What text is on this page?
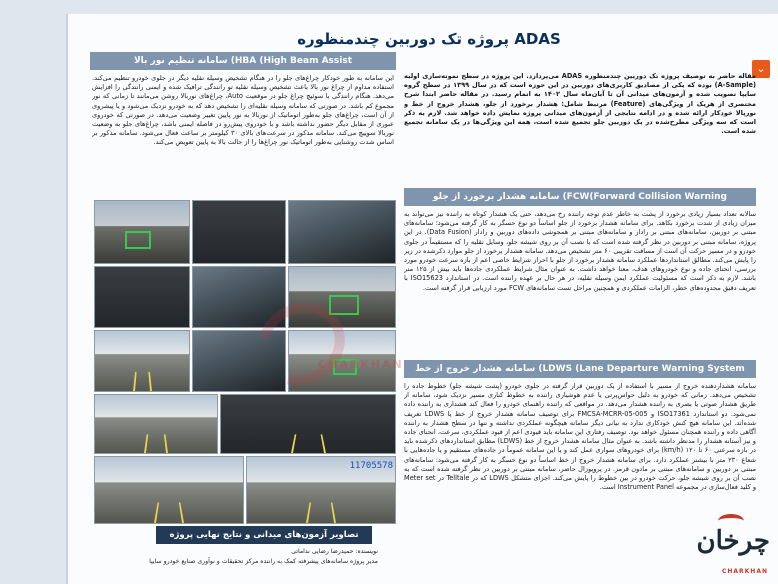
پروژه تک دوربین چندمنظوره ADAS
⌄
مقاله حاضر به توصیف پروژه تک دوربین چندمنظوره ADAS می‌پردازد. این پروژه در سطح نمونه‌سازی اولیه (A-Sample) بوده که یکی از مصادیق کاربری‌های دوربین در این حوزه است که در سال ۱۳۹۹ در سطح گروه سایپا تصویب شده و آزمون‌های میدانی آن تا آبان‌ماه سال ۱۴۰۲ به اتمام رسید. در مقاله حاضر ابتدا شرح مختصری از هریک از ویژگی‌های (Feature) مرتبط شامل: هشدار برخورد از جلو، هشدار خروج از خط و نورپالا خودکار ارائه شده و در ادامه نتایجی از آزمون‌های میدانی پروژه نمایش داده خواهد شد. لازم به ذکر است که سه ویژگی مطرح‌شده در یک دوربین جلو تجمیع شده است، همه این ویژگی‌ها در یک سامانه تجمیع شده است.
سامانه تنظیم نور بالا (HBA (High Beam Assist
این سامانه به طور خودکار چراغ‌های جلو را در هنگام تشخیص وسیله نقلیه دیگر در جلوی خودرو تنظیم می‌کند. استفاده مداوم از چراغ نور بالا باعث تشخیص وسیله نقلیه تو رانندگی ترافیک شده و ایمنی رانندگی را افزایش می‌دهد. هنگام رانندگی با سوئیچ چراغ جلو در موقعیت Auto، چراغ‌های نوربالا روشن می‌مانند تا زمانی که نور مجموع کم باشد. در صورتی که سامانه وسیله نقلیه‌ای را تشخیص دهد که به خودرو نزدیک می‌شود و یا پیشروی از آن است، چراغ‌های جلو به‌طور اتوماتیک از نوربالا به نور پایین تغییر وضعیت می‌دهد. در صورتی که خودروی عبوری از مقابل دیگر حضور نداشته باشد و یا خودروی پیش‌رو در فاصله ایمنی باشد، چراغ‌های جلو به وضعیت نوربالا سوییچ می‌کند. سامانه مذکور در سرعت‌های بالای ۳۰ کیلومتر بر ساعت فعال می‌شود. سامانه مذکور بر اساس شدت روشنایی به‌طور اتوماتیک نور چراغ‌ها را از حالت بالا به پایین تعویض می‌کند.
سامانه هشدار برخورد از جلو (FCW(Forward Collision Warning
سالانه تعداد بسیار زیادی برخورد از پشت به خاطر عدم توجه راننده رخ می‌دهد، حتی یک هشدار کوتاه به راننده نیز می‌تواند به میزان زیادی از شدت برخورد بکاهد. برای سامانه هشدار برخورد از جلو اساساً دو نوع حسگر به کار گرفته می‌شود؛ سامانه‌های مبتنی بر دوربین، سامانه‌های مبتنی بر رادار و سامانه‌های مبتنی بر همجوشی داده‌های دوربین و رادار (Data Fusion). در این پروژه، سامانه مبتنی بر دوربین در نظر گرفته شده است که با نصب آن بر روی شیشه جلو، وسایل نقلیه را که مستقیماً در جلوی خودرو و در مسیر حرکت آن است از مسافت تقریبی ۶۰ متر تشخیص می‌دهد. سامانه هشدار برخورد از جلو موارد ذکرشده در زیر را پایش می‌کند. مطالق استانداردها عملکرد سامانه هشدار برخورد از جلو با احراز شرایط خاصی اعم از بازه سرعت خودرو مورد بررسی، انحنای جاده و نوع خودروهای هدف، معنا خواهد داشت. به عنوان مثال شرایط عملکردی جاده‌ها باید بیش از ۱۲۵ متر باشد. لازم به ذکر است که مسئولیت عملکرد ایمن وسیله نقلیه، در هر حال بر عهده راننده است. در استاندارد ISO15623 با تعریف دقیق محدوده‌های خطر، الزامات عملکردی و همچنین مراحل تست سامانه‌های FCW مورد ارزیابی قرار گرفته است.
سامانه هشدار خروج از خط (LDWS (Lane Departure Warning System
سامانه هشداردهنده خروج از مسیر با استفاده از یک دوربین قرار گرفته در جلوی خودرو (پشت شیشه جلو) خطوط جاده را تشخیص می‌دهد. زمانی که خودرو به دلیل حواس‌پرتی یا عدم هوشیاری راننده به خطوط کناری مسیر نزدیک شود، سامانه از طریق هشدار صوتی یا بصری به راننده هشدار می‌دهد. در مواقعی که راننده راهنمای خودرو را فعال کند هشداری به راننده داده نمی‌شود. دو استاندارد ISO17361 و FMCSA-MCRR-05-005 برای توصیف سامانه هشدار خروج از خط یا LDWS تعریف شده‌اند. این سامانه هیچ کنش خودکاری ندارد به بیانی دیگر سامانه هیچگونه عملکردی نداشته و تنها در سطح هشدار به راننده آگاهی داده و راننده همچنان مسئول خواهد بود. توصیف رفتاری این سامانه باید قیودی اعم از قیود عملکردی، سرعت، انحنای جاده و نیز آستانه هشدار را مدنظر داشته باشد. به عنوان مثال سامانه هشدار خروج از خط (LDWS) مطابق استانداردهای ذکرشده باید در بازه سرعتی ۶۰ تا ۱۲۰ (km/h) برای خودروهای سواری عمل کند و یا این سامانه عموماً در جاده‌های مستقیم و یا جاده‌هایی با شعاع ۲۳۰ متر با بیشتر عملکرد دارد. برای سامانه هشدار خروج از خط اساساً دو نوع حسگر به کار گرفته می‌شود: سامانه‌های مبتنی بر دوربین و سامانه‌های مبتنی بر مادون قرمز. در پروپوزال حاضر، سامانه مبتنی بر دوربین در نظر گرفته شده است که به نصب آن بر روی شیشه جلو، حرکت خودرو در بین خطوط را پایش می‌کند. اجزای متشکل LDWS که در Telltale در Meter set و کلید فعال‌سازی در مجموعه Instrument Panel است.
11705578
CHARKHAN
تصاویر آزمون‌های میدانی و نتایج نهایی پروژه
نویسنده: حمیدرضا رضایی نداماتی
مدیر پروژه سامانه‌های پیشرفته کمک به راننده مرکز تحقیقات و نوآوری صنایع خودرو سایپا
چرخان
CHARKHAN
